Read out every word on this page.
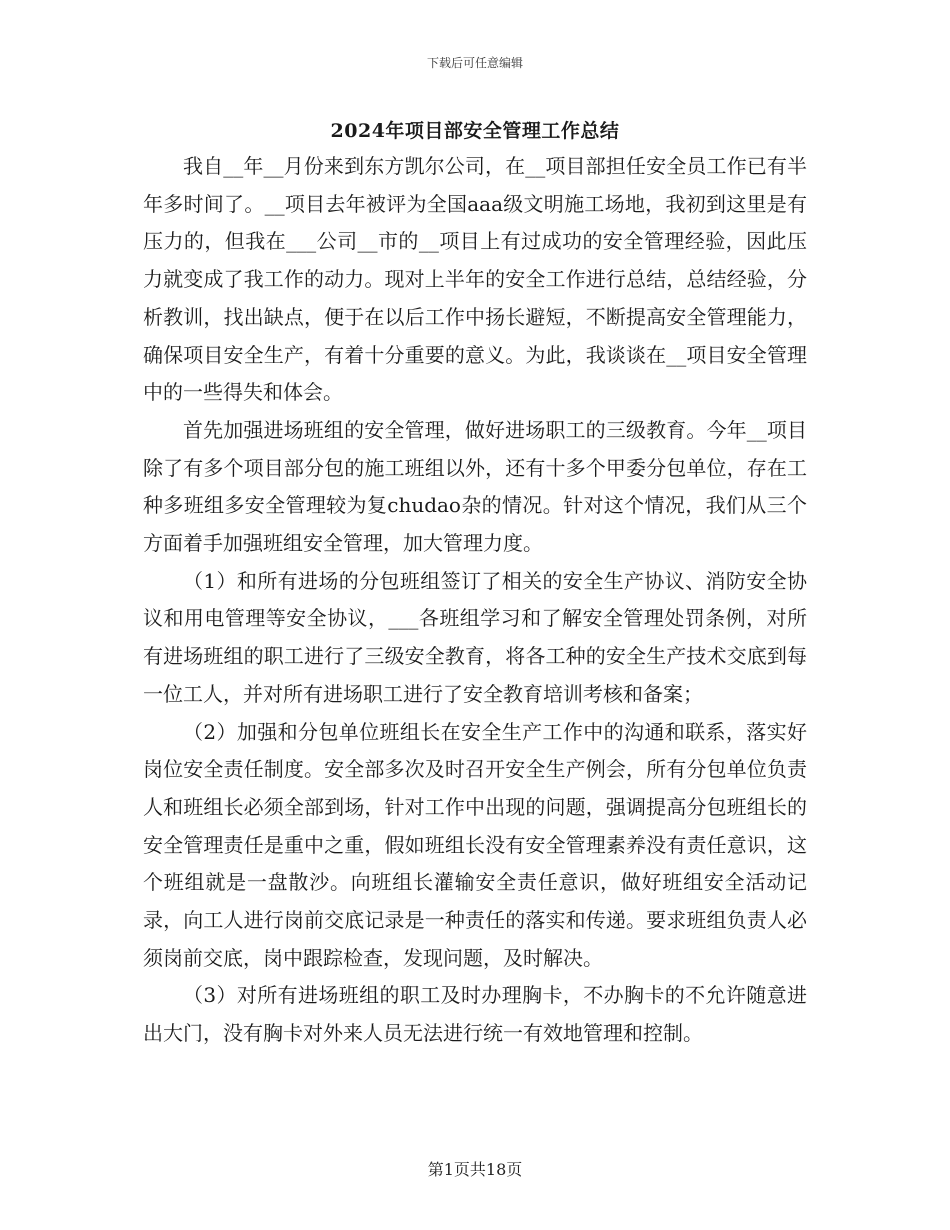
下载后可任意编辑
2024年项目部安全管理工作总结

我自__年__月份来到东方凯尔公司，在__项目部担任安全员工作已有半年多时间了。__项目去年被评为全国aaa级文明施工场地，我初到这里是有压力的，但我在___公司__市的__项目上有过成功的安全管理经验，因此压力就变成了我工作的动力。现对上半年的安全工作进行总结，总结经验，分析教训，找出缺点，便于在以后工作中扬长避短，不断提高安全管理能力，确保项目安全生产，有着十分重要的意义。为此，我谈谈在__项目安全管理中的一些得失和体会。

首先加强进场班组的安全管理，做好进场职工的三级教育。今年__项目除了有多个项目部分包的施工班组以外，还有十多个甲委分包单位，存在工种多班组多安全管理较为复chudao杂的情况。针对这个情况，我们从三个方面着手加强班组安全管理，加大管理力度。

（1）和所有进场的分包班组签订了相关的安全生产协议、消防安全协议和用电管理等安全协议，___各班组学习和了解安全管理处罚条例，对所有进场班组的职工进行了三级安全教育，将各工种的安全生产技术交底到每一位工人，并对所有进场职工进行了安全教育培训考核和备案；

（2）加强和分包单位班组长在安全生产工作中的沟通和联系，落实好岗位安全责任制度。安全部多次及时召开安全生产例会，所有分包单位负责人和班组长必须全部到场，针对工作中出现的问题，强调提高分包班组长的安全管理责任是重中之重，假如班组长没有安全管理素养没有责任意识，这个班组就是一盘散沙。向班组长灌输安全责任意识，做好班组安全活动记录，向工人进行岗前交底记录是一种责任的落实和传递。要求班组负责人必须岗前交底，岗中跟踪检查，发现问题，及时解决。

（3）对所有进场班组的职工及时办理胸卡，不办胸卡的不允许随意进出大门，没有胸卡对外来人员无法进行统一有效地管理和控制。

第1页共18页
